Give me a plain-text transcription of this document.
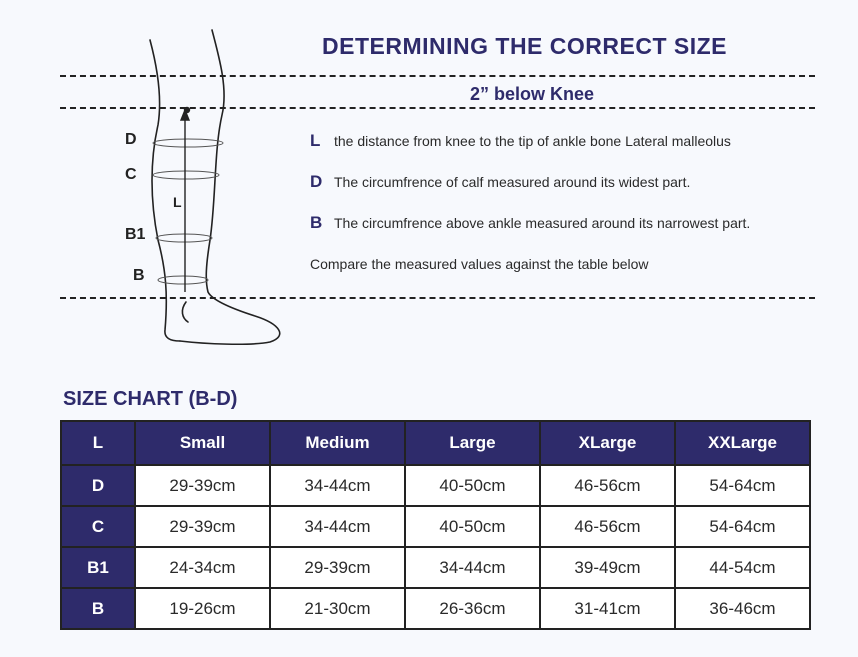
DETERMINING THE CORRECT SIZE
2” below Knee
D
C
L
B1
B
L the distance from knee to the tip of ankle bone Lateral malleolus
D The circumfrence of calf measured around its widest part.
B The circumfrence above ankle measured around its narrowest part.
Compare the measured values against the table below
SIZE CHART (B-D)
L	Small	Medium	Large	XLarge	XXLarge
D	29-39cm	34-44cm	40-50cm	46-56cm	54-64cm
C	29-39cm	34-44cm	40-50cm	46-56cm	54-64cm
B1	24-34cm	29-39cm	34-44cm	39-49cm	44-54cm
B	19-26cm	21-30cm	26-36cm	31-41cm	36-46cm
